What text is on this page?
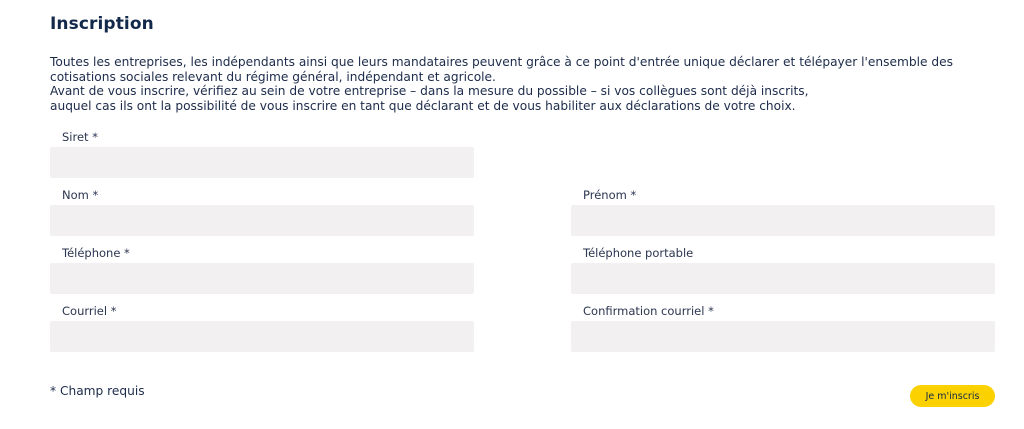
Inscription
Toutes les entreprises, les indépendants ainsi que leurs mandataires peuvent grâce à ce point d'entrée unique déclarer et télépayer l'ensemble des
cotisations sociales relevant du régime général, indépendant et agricole.
Avant de vous inscrire, vérifiez au sein de votre entreprise – dans la mesure du possible – si vos collègues sont déjà inscrits,
auquel cas ils ont la possibilité de vous inscrire en tant que déclarant et de vous habiliter aux déclarations de votre choix.
Siret *
Nom *	Prénom *
Téléphone *	Téléphone portable
Courriel *	Confirmation courriel *
* Champ requis	Je m'inscris
